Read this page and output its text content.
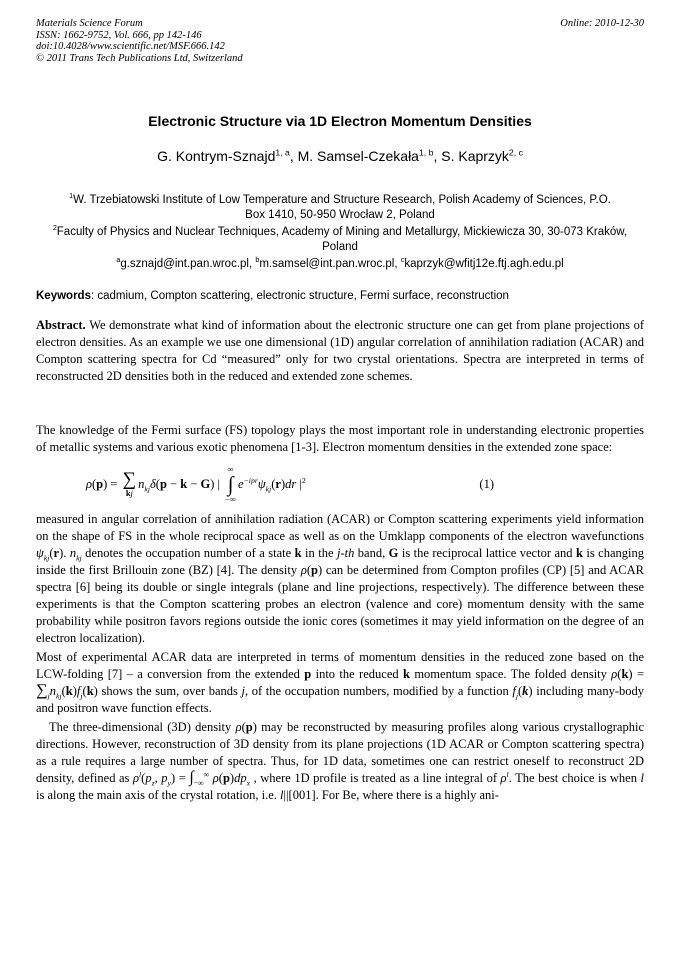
Materials Science Forum
ISSN: 1662-9752, Vol. 666, pp 142-146
doi:10.4028/www.scientific.net/MSF.666.142
© 2011 Trans Tech Publications Ltd, Switzerland
Online: 2010-12-30
Electronic Structure via 1D Electron Momentum Densities
G. Kontrym-Sznajd$^{1, a}$, M. Samsel-Czekała$^{1, b}$, S. Kaprzyk$^{2, c}$

$^1$W. Trzebiatowski Institute of Low Temperature and Structure Research, Polish Academy of Sciences, P.O. Box 1410, 50-950 Wrocław 2, Poland

$^2$Faculty of Physics and Nuclear Techniques, Academy of Mining and Metallurgy, Mickiewicza 30, 30-073 Kraków, Poland

$^a$g.sznajd@int.pan.wroc.pl, $^b$m.samsel@int.pan.wroc.pl, $^c$kaprzyk@wfitj12e.ftj.agh.edu.pl

Keywords: cadmium, Compton scattering, electronic structure, Fermi surface, reconstruction

Abstract. We demonstrate what kind of information about the electronic structure one can get from plane projections of electron densities. As an example we use one dimensional (1D) angular correlation of annihilation radiation (ACAR) and Compton scattering spectra for Cd “measured” only for two crystal orientations. Spectra are interpreted in terms of reconstructed 2D densities both in the reduced and extended zone schemes.

The knowledge of the Fermi surface (FS) topology plays the most important role in understanding electronic properties of metallic systems and various exotic phenomena [1-3]. Electron momentum densities in the extended zone space:

ρ(p) = ∑
kj
$n_{kj}\delta(p - k - G)$ |
∞
∫
−∞
$e^{-ipr}\psi_{kj}(r)dr$ $|^2$	(1)

measured in angular correlation of annihilation radiation (ACAR) or Compton scattering experiments yield information on the shape of FS in the whole reciprocal space as well as on the Umklapp components of the electron wavefunctions $\psi_{kj}(r)$. $n_{kj}$ denotes the occupation number of a state k in the j-th band, G is the reciprocal lattice vector and k is changing inside the first Brillouin zone (BZ) [4]. The density ρ(p) can be determined from Compton profiles (CP) [5] and ACAR spectra [6] being its double or single integrals (plane and line projections, respectively). The difference between these experiments is that the Compton scattering probes an electron (valence and core) momentum density with the same probability while positron favors regions outside the ionic cores (sometimes it may yield information on the degree of an electron localization).

Most of experimental ACAR data are interpreted in terms of momentum densities in the reduced zone based on the LCW-folding [7] – a conversion from the extended p into the reduced k momentum space. The folded density $\rho(k) = \sum_jn_{kj}(k)f_j(k)$ shows the sum, over bands j, of the occupation numbers, modified by a function $f_j(k)$ including many-body and positron wave function effects.

The three-dimensional (3D) density ρ(p) may be reconstructed by measuring profiles along various crystallographic directions. However, reconstruction of 3D density from its plane projections (1D ACAR or Compton scattering spectra) as a rule requires a large number of spectra. Thus, for 1D data, sometimes one can restrict oneself to reconstruct 2D density, defined as $\rho^l(p_z$, $p_y) = \int_{-\infty}^\infty$ $\rho(p)dp_x$ , where 1D profile is treated as a line integral of $\rho^l$. The best choice is when l is along the main axis of the crystal rotation, i.e. l||[001]. For Be, where there is a highly ani-
